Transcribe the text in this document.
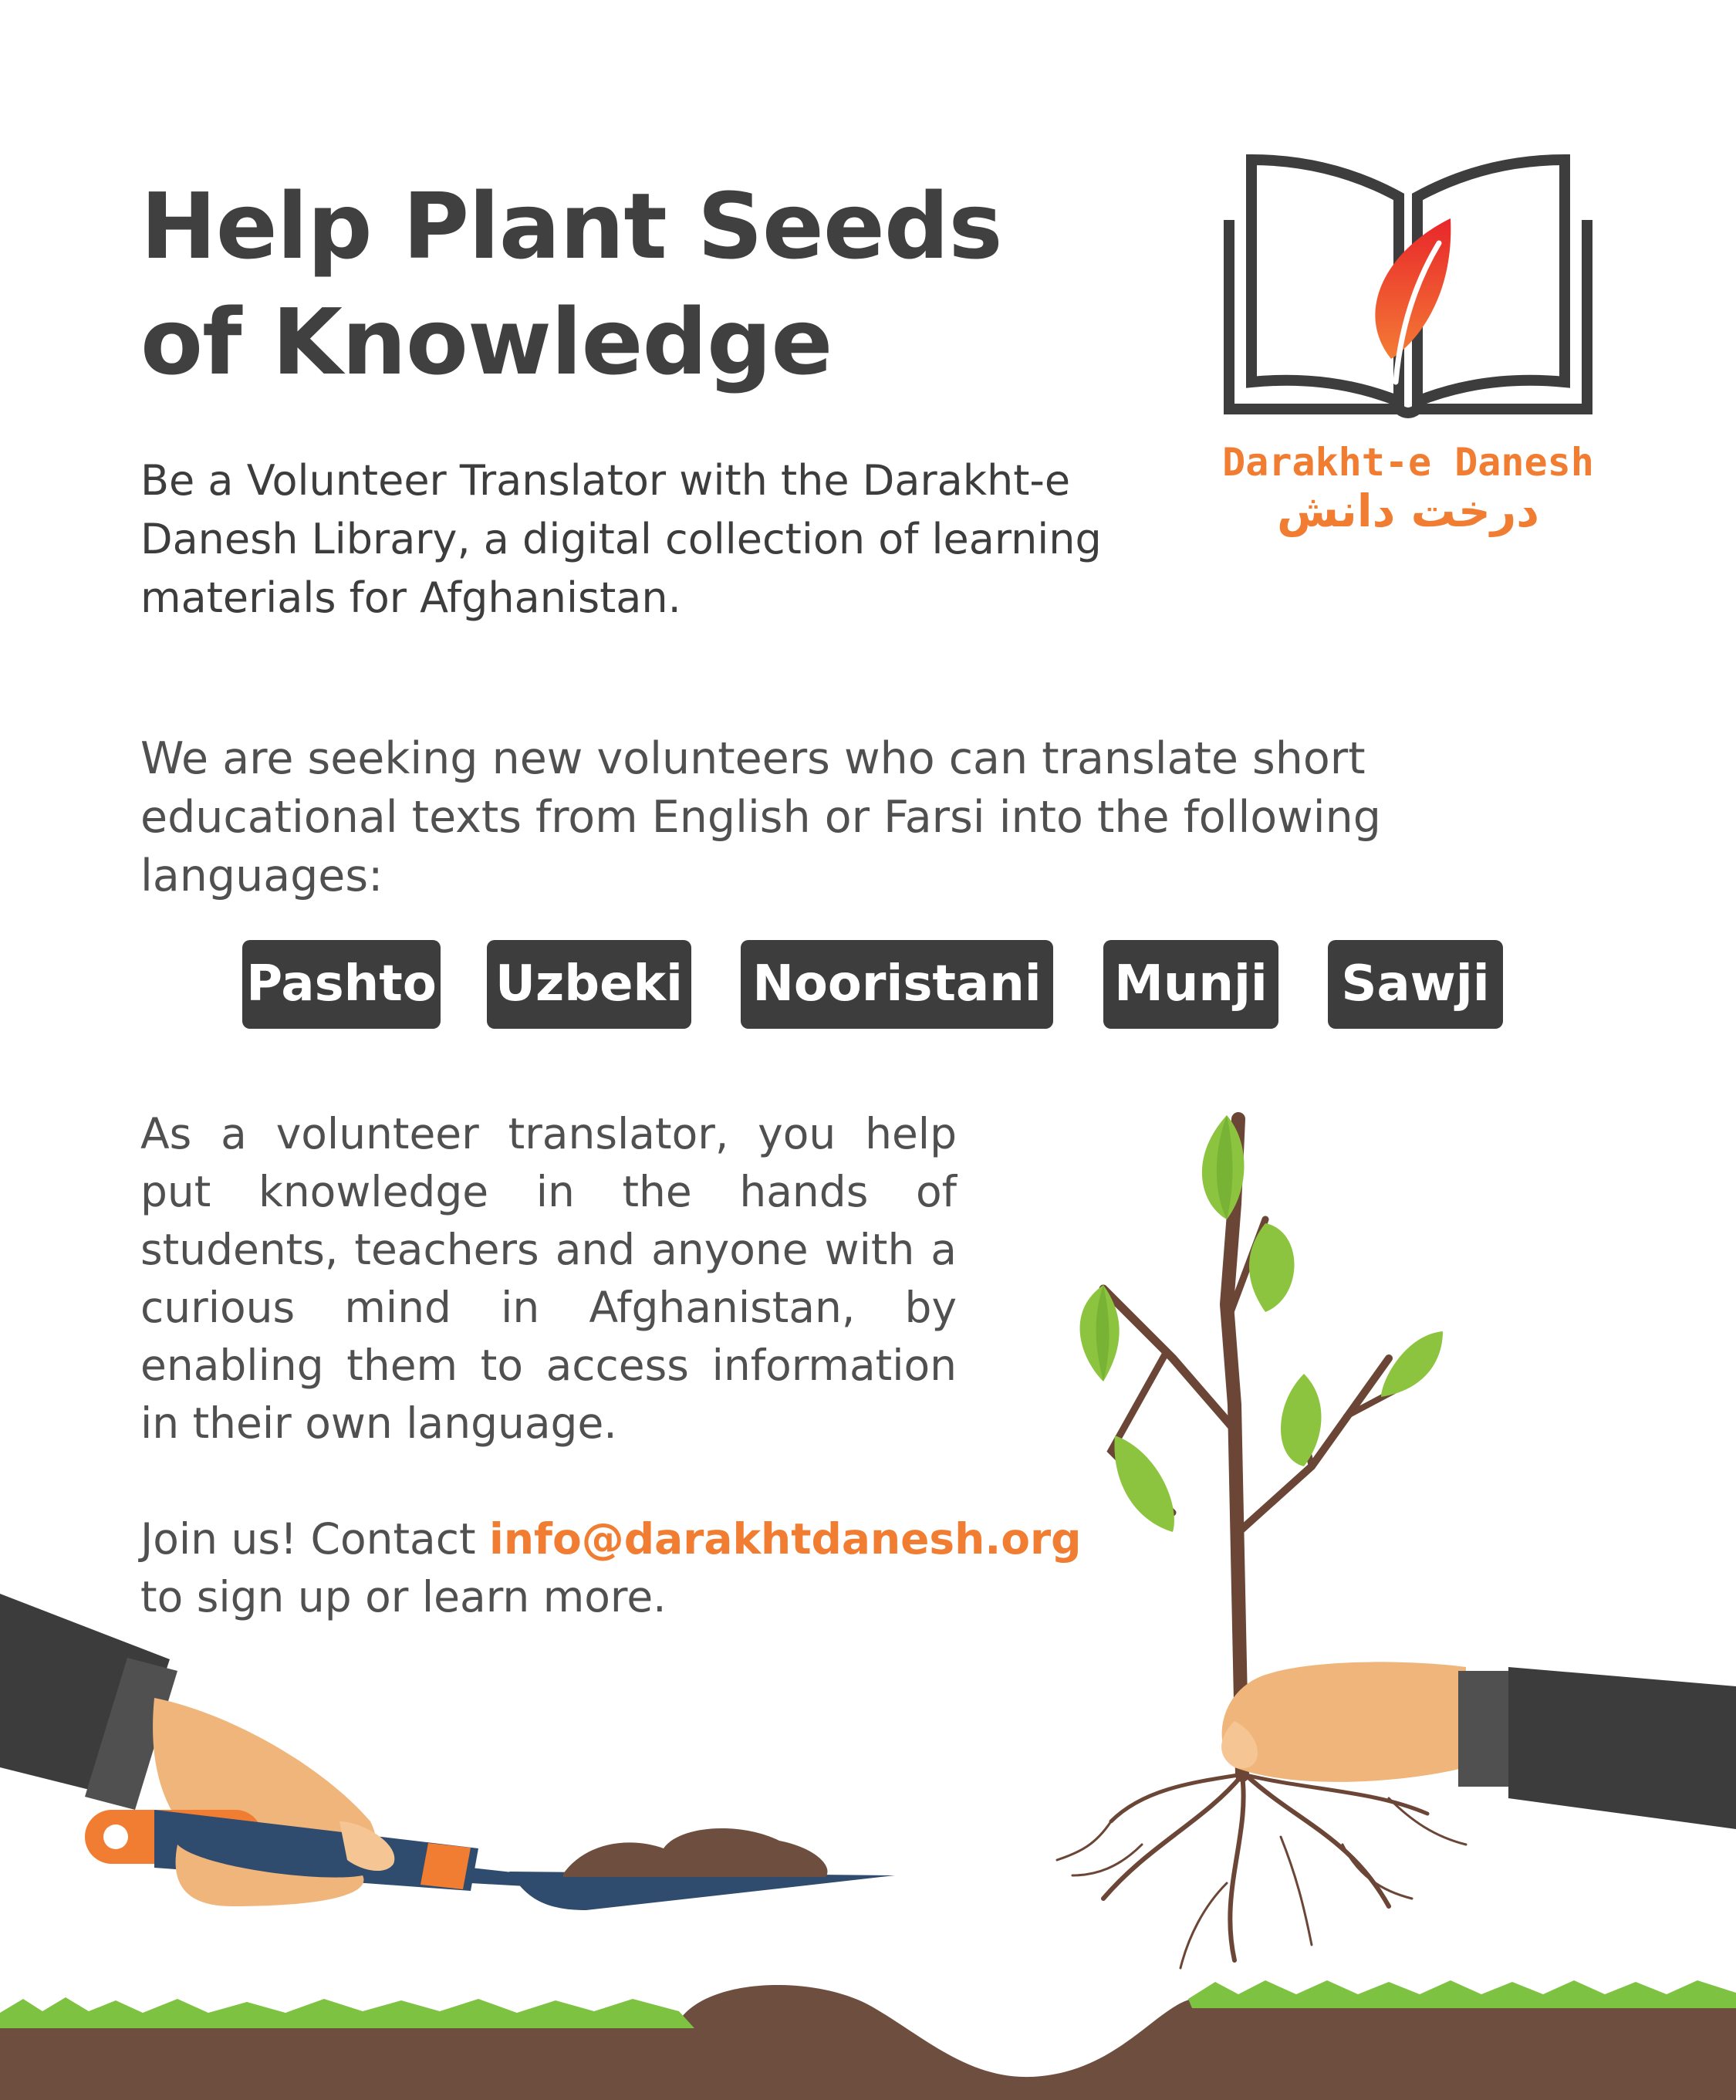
Help Plant Seeds
of Knowledge
Be a Volunteer Translator with the Darakht-e Danesh Library, a digital collection of learning materials for Afghanistan.
Darakht-e Danesh
درخت دانش
We are seeking new volunteers who can translate short educational texts from English or Farsi into the following languages:
Pashto Uzbeki Nooristani Munji Sawji
As a volunteer translator, you help put knowledge in the hands of students, teachers and anyone with a curious mind in Afghanistan, by enabling them to access information in their own language.
Join us! Contact info@darakhtdanesh.org
to sign up or learn more.
